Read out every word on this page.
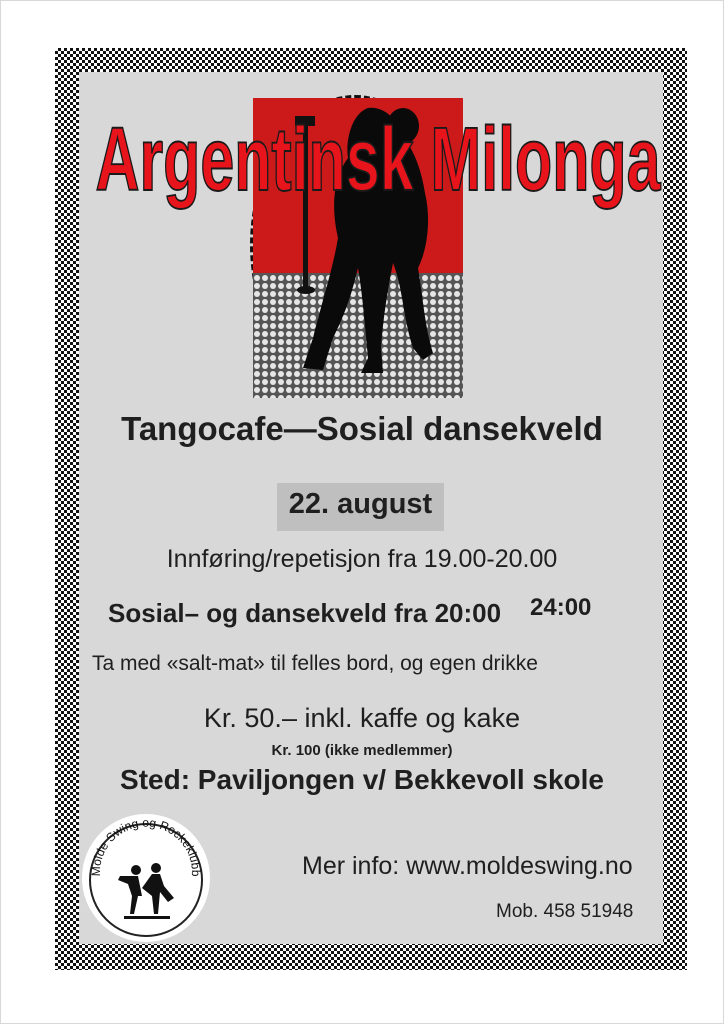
Argentinsk Milonga
Tangocafe—Sosial dansekveld
22. august
Innføring/repetisjon fra 19.00-20.00
Sosial– og dansekveld fra 20:00 24:00
Ta med «salt-mat» til felles bord, og egen drikke
Kr. 50.– inkl. kaffe og kake
Kr. 100 (ikke medlemmer)
Sted: Paviljongen v/ Bekkevoll skole
Molde Swing og Rockeklubb	Mer info: www.moldeswing.no
Mob. 458 51948
